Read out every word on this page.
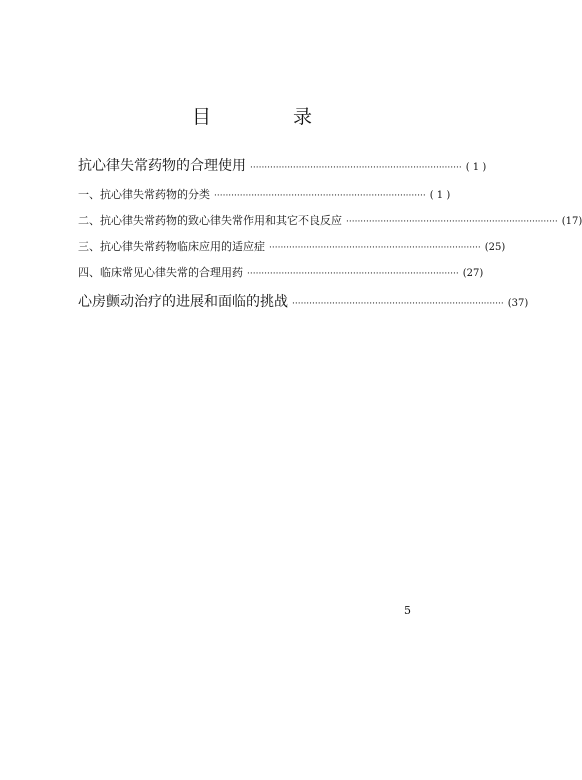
目 录
抗心律失常药物的合理使用 ·········································································· ( 1 )
一、抗心律失常药物的分类 ·········································································· ( 1 )
二、抗心律失常药物的致心律失常作用和其它不良反应 ·········································································· (17)
三、抗心律失常药物临床应用的适应症 ·········································································· (25)
四、临床常见心律失常的合理用药 ·········································································· (27)
心房颤动治疗的进展和面临的挑战 ·········································································· (37)
5
